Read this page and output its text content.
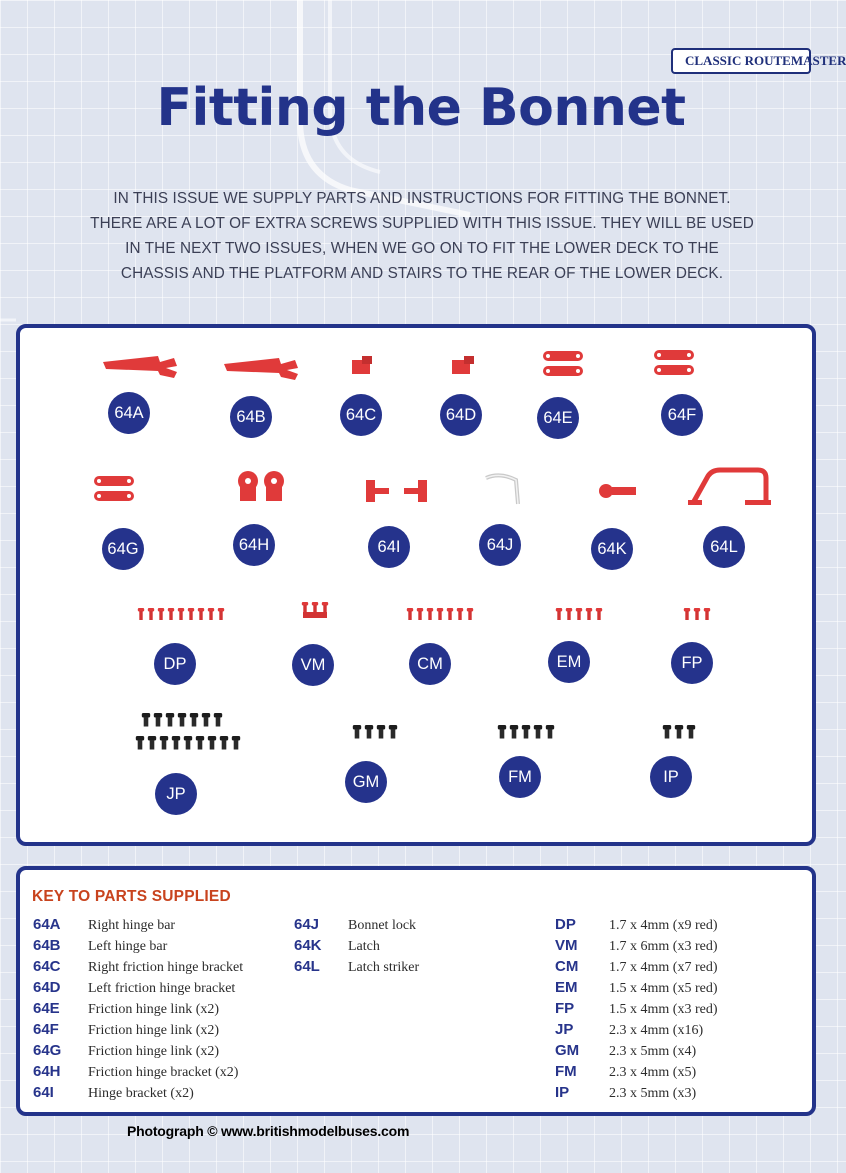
CLASSIC ROUTEMASTER
Fitting the Bonnet
IN THIS ISSUE WE SUPPLY PARTS AND INSTRUCTIONS FOR FITTING THE BONNET. THERE ARE A LOT OF EXTRA SCREWS SUPPLIED WITH THIS ISSUE. THEY WILL BE USED IN THE NEXT TWO ISSUES, WHEN WE GO ON TO FIT THE LOWER DECK TO THE CHASSIS AND THE PLATFORM AND STAIRS TO THE REAR OF THE LOWER DECK.
64A	64B	64C	64D	64E	64F
64G	64H	64I	64J	64K	64L
DP	VM	CM	EM	FP
JP
GM	FM	IP
KEY TO PARTS SUPPLIED
64A Right hinge bar
64B Left hinge bar
64C Right friction hinge bracket
64D Left friction hinge bracket
64E Friction hinge link (x2)
64F Friction hinge link (x2)
64G Friction hinge link (x2)
64H Friction hinge bracket (x2)
64I Hinge bracket (x2)
64J Bonnet lock
64K Latch
64L Latch striker
DP 1.7 x 4mm (x9 red)
VM 1.7 x 6mm (x3 red)
CM 1.7 x 4mm (x7 red)
EM 1.5 x 4mm (x5 red)
FP 1.5 x 4mm (x3 red)
JP	2.3 x 4mm (x16)
GM 2.3 x 5mm (x4)
FM 2.3 x 4mm (x5)
IP	2.3 x 5mm (x3)
Photograph © www.britishmodelbuses.com
